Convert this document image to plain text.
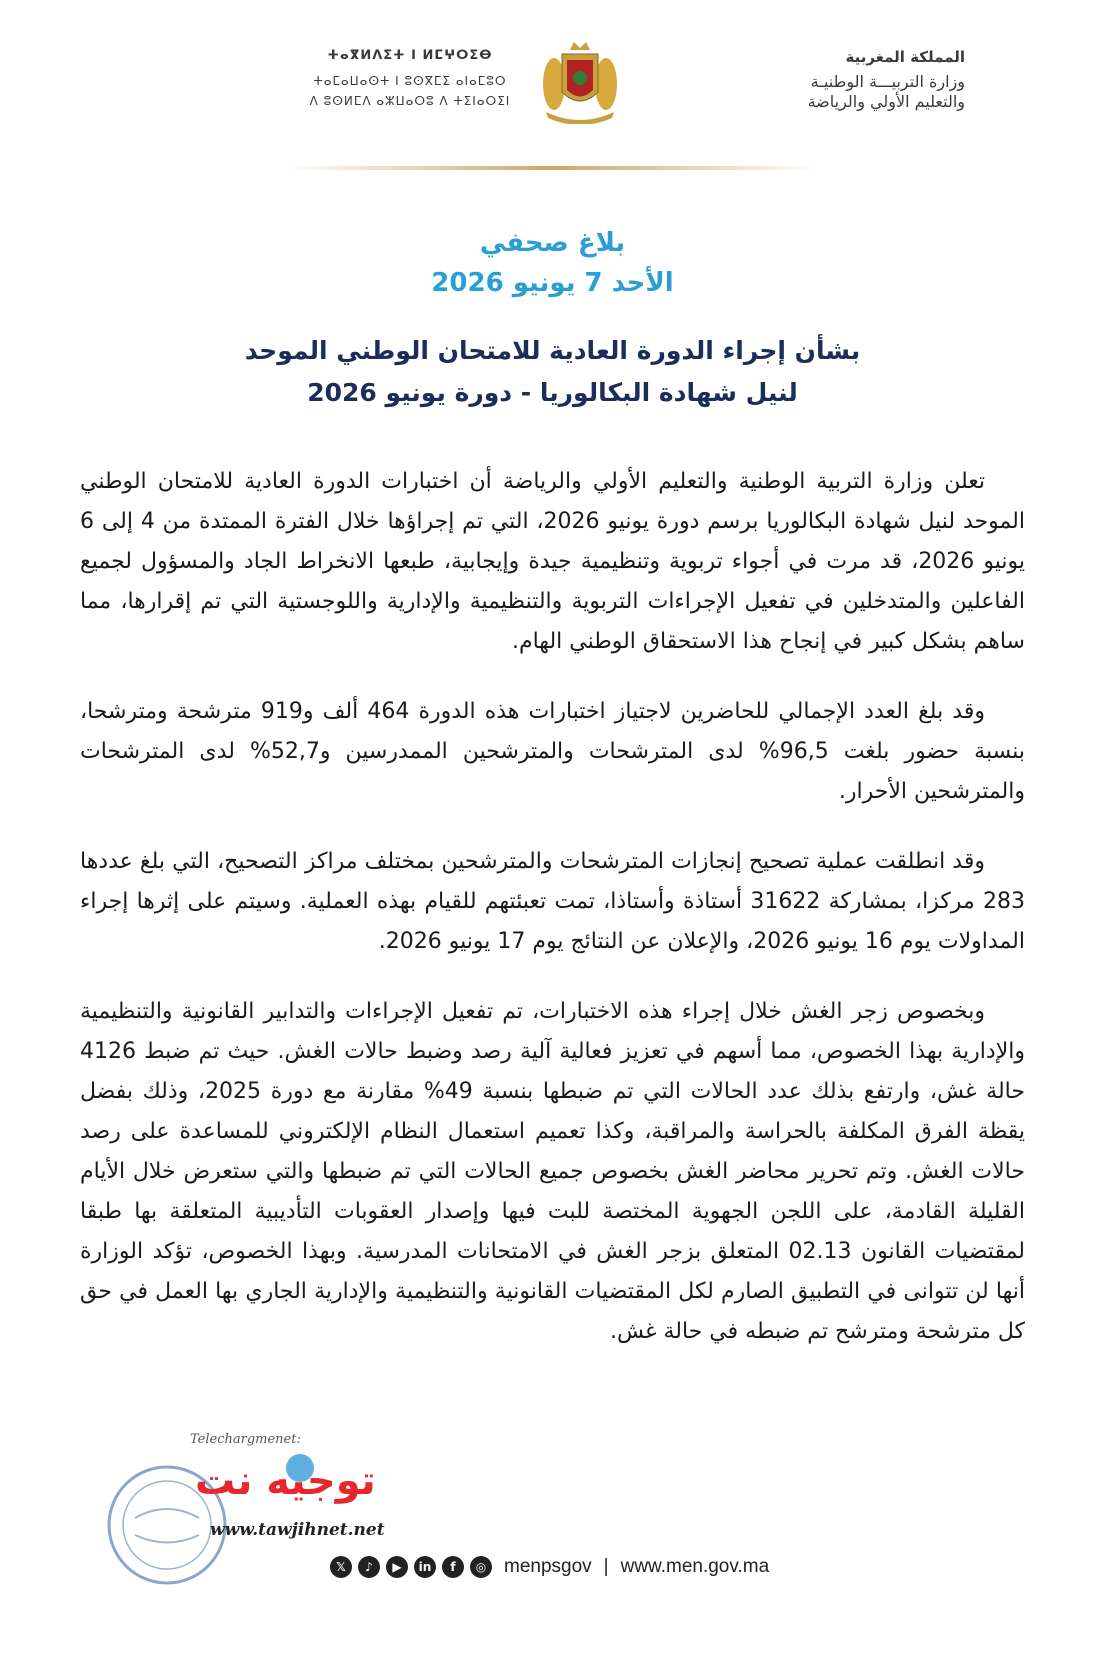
المملكة المغربية
وزارة التربيـــة الوطنيـة
والتعليم الأولي والرياضة
ⵜⴰⴳⵍⴷⵉⵜ ⵏ ⵍⵎⵖⵔⵉⴱ
ⵜⴰⵎⴰⵡⴰⵙⵜ ⵏ ⵓⵙⴳⵎⵉ ⴰⵏⴰⵎⵓⵔ
ⴷ ⵓⵙⵍⵎⴷ ⴰⵣⵡⴰⵔⵓ ⴷ ⵜⵉⵏⴰⵔⵉⵏ
بلاغ صحفي
الأحد 7 يونيو 2026
بشأن إجراء الدورة العادية للامتحان الوطني الموحد
لنيل شهادة البكالوريا - دورة يونيو 2026

تعلن وزارة التربية الوطنية والتعليم الأولي والرياضة أن اختبارات الدورة العادية للامتحان الوطني الموحد لنيل شهادة البكالوريا برسم دورة يونيو 2026، التي تم إجراؤها خلال الفترة الممتدة من 4 إلى 6 يونيو 2026، قد مرت في أجواء تربوية وتنظيمية جيدة وإيجابية، طبعها الانخراط الجاد والمسؤول لجميع الفاعلين والمتدخلين في تفعيل الإجراءات التربوية والتنظيمية والإدارية واللوجستية التي تم إقرارها، مما ساهم بشكل كبير في إنجاح هذا الاستحقاق الوطني الهام.

وقد بلغ العدد الإجمالي للحاضرين لاجتياز اختبارات هذه الدورة 464 ألف و919 مترشحة ومترشحا، بنسبة حضور بلغت 96,5% لدى المترشحات والمترشحين الممدرسين و52,7% لدى المترشحات والمترشحين الأحرار.

وقد انطلقت عملية تصحيح إنجازات المترشحات والمترشحين بمختلف مراكز التصحيح، التي بلغ عددها 283 مركزا، بمشاركة 31622 أستاذة وأستاذا، تمت تعبئتهم للقيام بهذه العملية. وسيتم على إثرها إجراء المداولات يوم 16 يونيو 2026، والإعلان عن النتائج يوم 17 يونيو 2026.

وبخصوص زجر الغش خلال إجراء هذه الاختبارات، تم تفعيل الإجراءات والتدابير القانونية والتنظيمية والإدارية بهذا الخصوص، مما أسهم في تعزيز فعالية آلية رصد وضبط حالات الغش. حيث تم ضبط 4126 حالة غش، وارتفع بذلك عدد الحالات التي تم ضبطها بنسبة 49% مقارنة مع دورة 2025، وذلك بفضل يقظة الفرق المكلفة بالحراسة والمراقبة، وكذا تعميم استعمال النظام الإلكتروني للمساعدة على رصد حالات الغش. وتم تحرير محاضر الغش بخصوص جميع الحالات التي تم ضبطها والتي ستعرض خلال الأيام القليلة القادمة، على اللجن الجهوية المختصة للبت فيها وإصدار العقوبات التأديبية المتعلقة بها طبقا لمقتضيات القانون 02.13 المتعلق بزجر الغش في الامتحانات المدرسية. وبهذا الخصوص، تؤكد الوزارة أنها لن تتوانى في التطبيق الصارم لكل المقتضيات القانونية والتنظيمية والإدارية الجاري بها العمل في حق كل مترشحة ومترشح تم ضبطه في حالة غش.

Telechargmenet:
توجيه نت
www.tawjihnet.net
𝕏	♪	▶	in	f	◎ menpsgov | www.men.gov.ma
